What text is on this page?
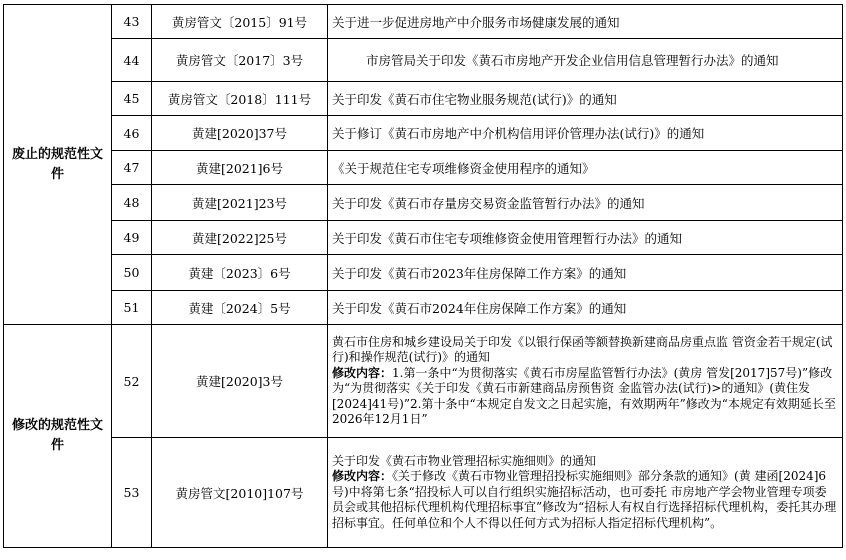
废止的规范性文件	43	黄房管文〔2015〕91号	关于进一步促进房地产中介服务市场健康发展的通知
	44	黄房管文〔2017〕3号	市房管局关于印发《黄石市房地产开发企业信用信息管理暂行办法》的通知
	45	黄房管文〔2018〕111号	关于印发《黄石市住宅物业服务规范(试行)》的通知
	46	黄建[2020]37号	关于修订《黄石市房地产中介机构信用评价管理办法(试行)》的通知
	47	黄建[2021]6号	《关于规范住宅专项维修资金使用程序的通知》
	48	黄建[2021]23号	关于印发《黄石市存量房交易资金监管暂行办法》的通知
	49	黄建[2022]25号	关于印发《黄石市住宅专项维修资金使用管理暂行办法》的通知
	50	黄建〔2023〕6号	关于印发《黄石市2023年住房保障工作方案》的通知
	51	黄建〔2024〕5号	关于印发《黄石市2024年住房保障工作方案》的通知
修改的规范性文件	52	黄建[2020]3号	黄石市住房和城乡建设局关于印发《以银行保函等额替换新建商品房重点监 管资金若干规定(试行)和操作规范(试行)》的通知
修改内容：1.第一条中“为贯彻落实《黄石市房屋监管暂行办法》(黄房 管发[2017]57号)”修改为“为贯彻落实《关于印发《黄石市新建商品房预售资 金监管办法(试行)>的通知》(黄住发[2024]41号)”2.第十条中“本规定自发文之日起实施，有效期两年”修改为“本规定有效期延长至2026年12月1日”

	53	黄房管文[2010]107号	关于印发《黄石市物业管理招标实施细则》的通知
修改内容：《关于修改《黄石市物业管理招投标实施细则》部分条款的通知》(黄 建函[2024]6号)中将第七条“招投标人可以自行组织实施招标活动，也可委托 市房地产学会物业管理专项委员会或其他招标代理机构代理招标事宜”修改为“招标人有权自行选择招标代理机构，委托其办理招标事宜。任何单位和个人不得以任何方式为招标人指定招标代理机构”。
